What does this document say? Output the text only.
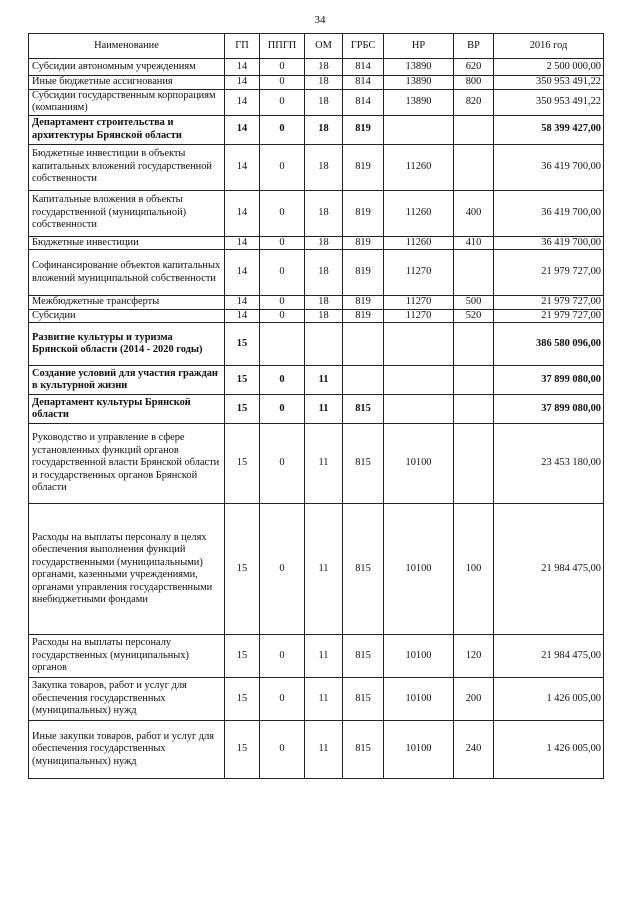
34
Наименование	ГП	ППГП	ОМ	ГРБС	НР	ВР	2016 год
Субсидии автономным учреждениям	14	0	18	814	13890	620	2 500 000,00
Иные бюджетные ассигнования	14	0	18	814	13890	800	350 953 491,22
Субсидии государственным корпорациям (компаниям)	14	0	18	814	13890	820	350 953 491,22
Департамент строительства и архитектуры Брянской области	14	0	18	819			58 399 427,00
Бюджетные инвестиции в объекты капитальных вложений государственной собственности	14	0	18	819	11260		36 419 700,00
Капитальные вложения в объекты государственной (муниципальной) собственности	14	0	18	819	11260	400	36 419 700,00
Бюджетные инвестиции	14	0	18	819	11260	410	36 419 700,00
Софинансирование объектов капитальных вложений муниципальной собственности	14	0	18	819	11270		21 979 727,00
Межбюджетные трансферты	14	0	18	819	11270	500	21 979 727,00
Субсидии	14	0	18	819	11270	520	21 979 727,00
Развитие культуры и туризма Брянской области (2014 - 2020 годы)	15						386 580 096,00
Создание условий для участия граждан в культурной жизни	15	0	11				37 899 080,00
Департамент культуры Брянской области	15	0	11	815			37 899 080,00
Руководство и управление в сфере установленных функций органов государственной власти Брянской области и государственных органов Брянской области	15	0	11	815	10100		23 453 180,00
Расходы на выплаты персоналу в целях обеспечения выполнения функций государственными (муниципальными) органами, казенными учреждениями, органами управления государственными внебюджетными фондами	15	0	11	815	10100	100	21 984 475,00
Расходы на выплаты персоналу государственных (муниципальных) органов	15	0	11	815	10100	120	21 984 475,00
Закупка товаров, работ и услуг для обеспечения государственных (муниципальных) нужд	15	0	11	815	10100	200	1 426 005,00
Иные закупки товаров, работ и услуг для обеспечения государственных (муниципальных) нужд	15	0	11	815	10100	240	1 426 005,00
